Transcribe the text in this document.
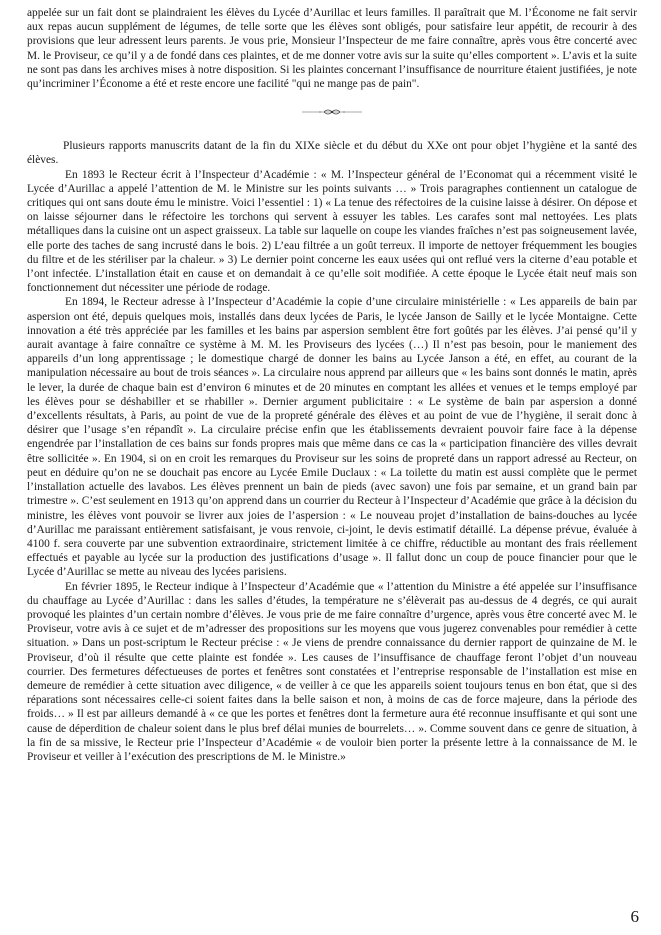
appelée sur un fait dont se plaindraient les élèves du Lycée d’Aurillac et leurs familles. Il paraîtrait que M. l’Économe ne fait servir aux repas aucun supplément de légumes, de telle sorte que les élèves sont obligés, pour satisfaire leur appétit, de recourir à des provisions que leur adressent leurs parents. Je vous prie, Monsieur l’Inspecteur de me faire connaître, après vous être concerté avec M. le Proviseur, ce qu’il y a de fondé dans ces plaintes, et de me donner votre avis sur la suite qu’elles comportent ». L’avis et la suite ne sont pas dans les archives mises à notre disposition. Si les plaintes concernant l’insuffisance de nourriture étaient justifiées, je note qu’incriminer l’Économe a été et reste encore une facilité "qui ne mange pas de pain".

Plusieurs rapports manuscrits datant de la fin du XIXe siècle et du début du XXe ont pour objet l’hygiène et la santé des élèves.

En 1893 le Recteur écrit à l’Inspecteur d’Académie : « M. l’Inspecteur général de l’Economat qui a récemment visité le Lycée d’Aurillac a appelé l’attention de M. le Ministre sur les points suivants … » Trois paragraphes contiennent un catalogue de critiques qui ont sans doute ému le ministre. Voici l’essentiel : 1) « La tenue des réfectoires de la cuisine laisse à désirer. On dépose et on laisse séjourner dans le réfectoire les torchons qui servent à essuyer les tables. Les carafes sont mal nettoyées. Les plats métalliques dans la cuisine ont un aspect graisseux. La table sur laquelle on coupe les viandes fraîches n’est pas soigneusement lavée, elle porte des taches de sang incrusté dans le bois. 2) L’eau filtrée a un goût terreux. Il importe de nettoyer fréquemment les bougies du filtre et de les stériliser par la chaleur. » 3) Le dernier point concerne les eaux usées qui ont reflué vers la citerne d’eau potable et l’ont infectée. L’installation était en cause et on demandait à ce qu’elle soit modifiée. A cette époque le Lycée était neuf mais son fonctionnement dut nécessiter une période de rodage.

En 1894, le Recteur adresse à l’Inspecteur d’Académie la copie d’une circulaire ministérielle : « Les appareils de bain par aspersion ont été, depuis quelques mois, installés dans deux lycées de Paris, le lycée Janson de Sailly et le lycée Montaigne. Cette innovation a été très appréciée par les familles et les bains par aspersion semblent être fort goûtés par les élèves. J’ai pensé qu’il y aurait avantage à faire connaître ce système à M. M. les Proviseurs des lycées (…) Il n’est pas besoin, pour le maniement des appareils d’un long apprentissage ; le domestique chargé de donner les bains au Lycée Janson a été, en effet, au courant de la manipulation nécessaire au bout de trois séances ». La circulaire nous apprend par ailleurs que « les bains sont donnés le matin, après le lever, la durée de chaque bain est d’environ 6 minutes et de 20 minutes en comptant les allées et venues et le temps employé par les élèves pour se déshabiller et se rhabiller ». Dernier argument publicitaire : « Le système de bain par aspersion a donné d’excellents résultats, à Paris, au point de vue de la propreté générale des élèves et au point de vue de l’hygiène, il serait donc à désirer que l’usage s’en répandît ». La circulaire précise enfin que les établissements devraient pouvoir faire face à la dépense engendrée par l’installation de ces bains sur fonds propres mais que même dans ce cas la « participation financière des villes devrait être sollicitée ». En 1904, si on en croit les remarques du Proviseur sur les soins de propreté dans un rapport adressé au Recteur, on peut en déduire qu’on ne se douchait pas encore au Lycée Emile Duclaux : « La toilette du matin est aussi complète que le permet l’installation actuelle des lavabos. Les élèves prennent un bain de pieds (avec savon) une fois par semaine, et un grand bain par trimestre ». C’est seulement en 1913 qu’on apprend dans un courrier du Recteur à l’Inspecteur d’Académie que grâce à la décision du ministre, les élèves vont pouvoir se livrer aux joies de l’aspersion : « Le nouveau projet d’installation de bains-douches au lycée d’Aurillac me paraissant entièrement satisfaisant, je vous renvoie, ci-joint, le devis estimatif détaillé. La dépense prévue, évaluée à 4100 f. sera couverte par une subvention extraordinaire, strictement limitée à ce chiffre, réductible au montant des frais réellement effectués et payable au lycée sur la production des justifications d’usage ». Il fallut donc un coup de pouce financier pour que le Lycée d’Aurillac se mette au niveau des lycées parisiens.

En février 1895, le Recteur indique à l’Inspecteur d’Académie que « l’attention du Ministre a été appelée sur l’insuffisance du chauffage au Lycée d’Aurillac : dans les salles d’études, la température ne s’élèverait pas au-dessus de 4 degrés, ce qui aurait provoqué les plaintes d’un certain nombre d’élèves. Je vous prie de me faire connaître d’urgence, après vous être concerté avec M. le Proviseur, votre avis à ce sujet et de m’adresser des propositions sur les moyens que vous jugerez convenables pour remédier à cette situation. » Dans un post-scriptum le Recteur précise : « Je viens de prendre connaissance du dernier rapport de quinzaine de M. le Proviseur, d’où il résulte que cette plainte est fondée ». Les causes de l’insuffisance de chauffage feront l’objet d’un nouveau courrier. Des fermetures défectueuses de portes et fenêtres sont constatées et l’entreprise responsable de l’installation est mise en demeure de remédier à cette situation avec diligence, « de veiller à ce que les appareils soient toujours tenus en bon état, que si des réparations sont nécessaires celle-ci soient faites dans la belle saison et non, à moins de cas de force majeure, dans la période des froids… » Il est par ailleurs demandé à « ce que les portes et fenêtres dont la fermeture aura été reconnue insuffisante et qui sont une cause de déperdition de chaleur soient dans le plus bref délai munies de bourrelets… ». Comme souvent dans ce genre de situation, à la fin de sa missive, le Recteur prie l’Inspecteur d’Académie « de vouloir bien porter la présente lettre à la connaissance de M. le Proviseur et veiller à l’exécution des prescriptions de M. le Ministre.»

6
